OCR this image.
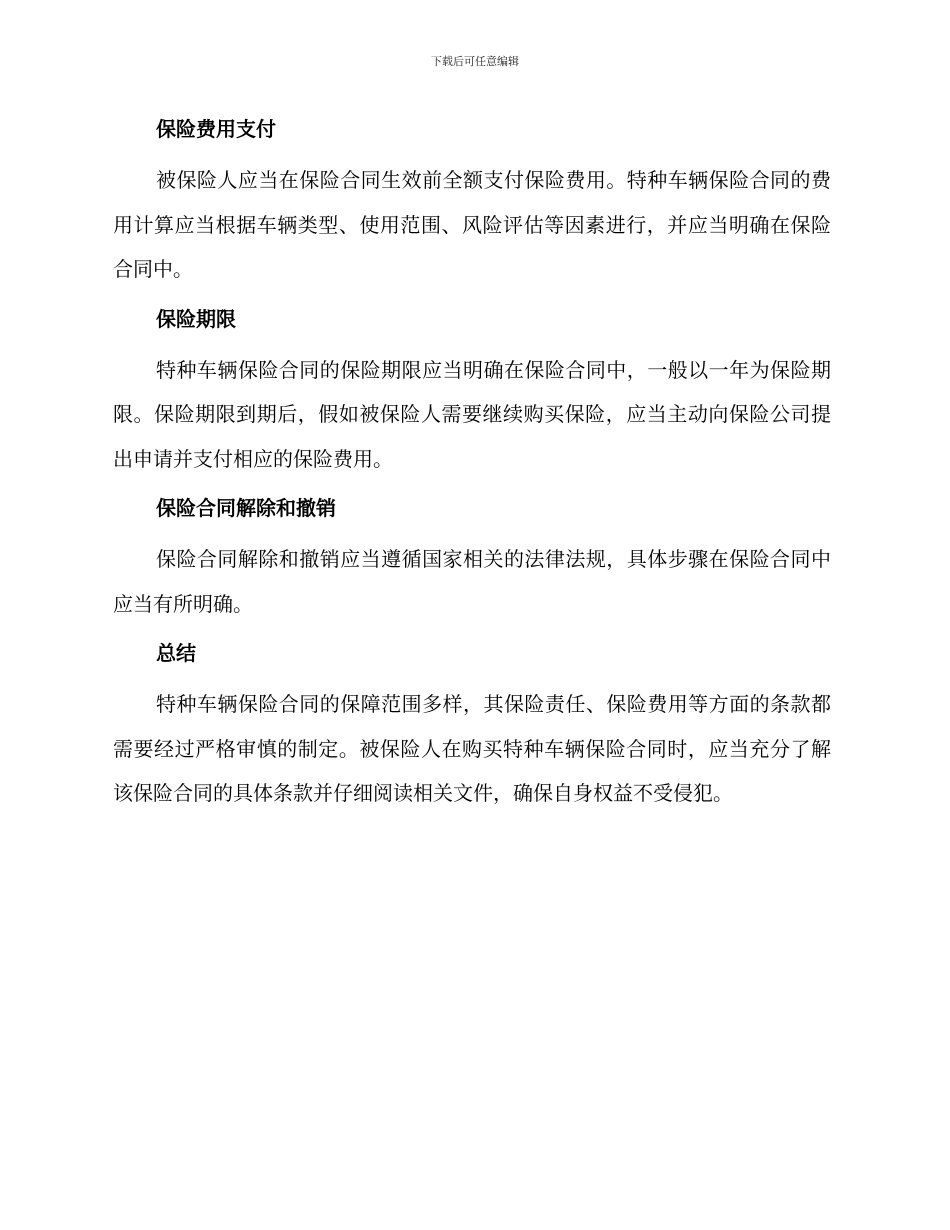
下载后可任意编辑
保险费用支付

被保险人应当在保险合同生效前全额支付保险费用。特种车辆保险合同的费用计算应当根据车辆类型、使用范围、风险评估等因素进行，并应当明确在保险合同中。

保险期限

特种车辆保险合同的保险期限应当明确在保险合同中，一般以一年为保险期限。保险期限到期后，假如被保险人需要继续购买保险，应当主动向保险公司提出申请并支付相应的保险费用。

保险合同解除和撤销

保险合同解除和撤销应当遵循国家相关的法律法规，具体步骤在保险合同中应当有所明确。

总结

特种车辆保险合同的保障范围多样，其保险责任、保险费用等方面的条款都需要经过严格审慎的制定。被保险人在购买特种车辆保险合同时，应当充分了解该保险合同的具体条款并仔细阅读相关文件，确保自身权益不受侵犯。
